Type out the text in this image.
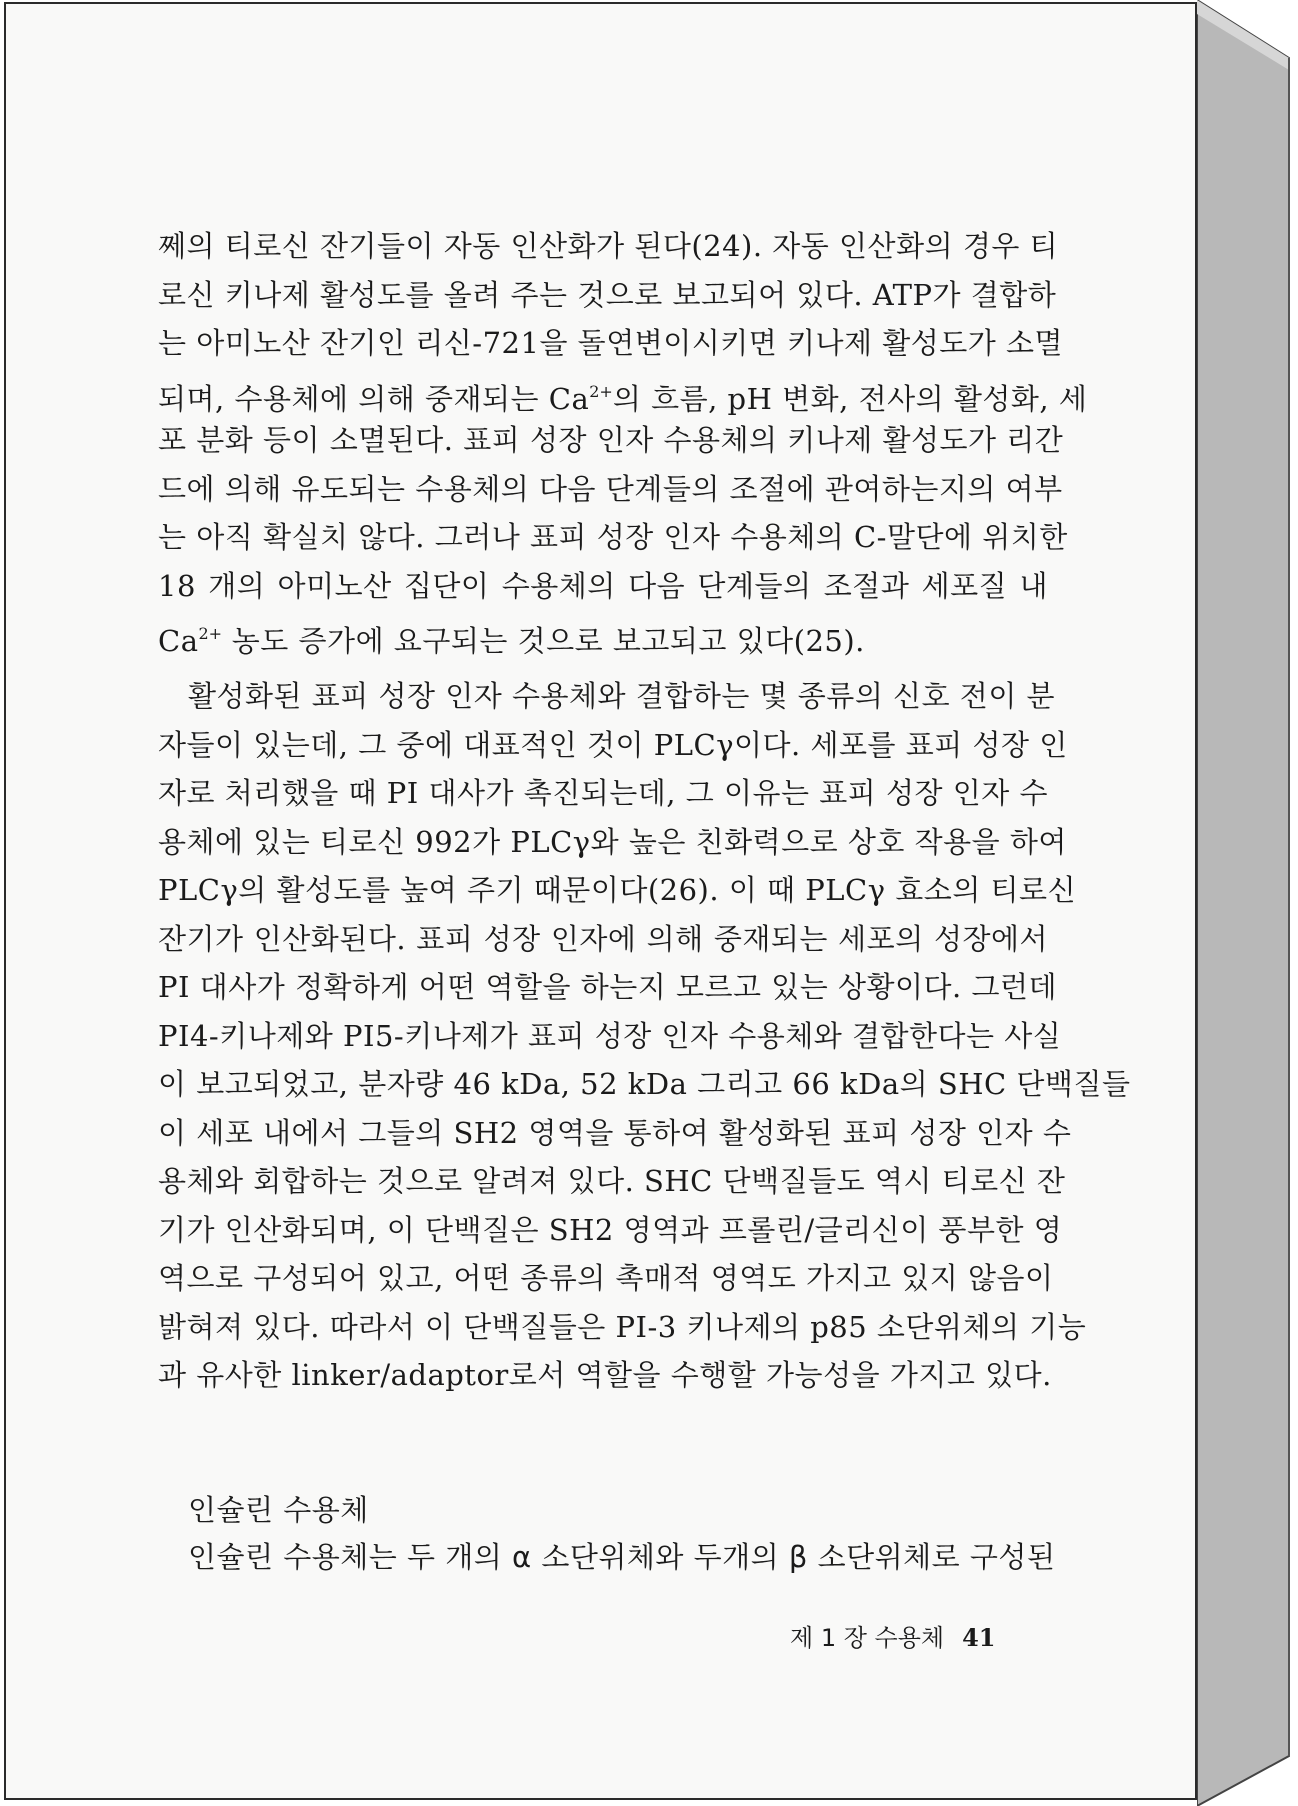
쩨의 티로신 잔기들이 자동 인산화가 된다(24). 자동 인산화의 경우 티
로신 키나제 활성도를 올려 주는 것으로 보고되어 있다. ATP가 결합하
는 아미노산 잔기인 리신-721을 돌연변이시키면 키나제 활성도가 소멸
되며, 수용체에 의해 중재되는 $Ca^{2+}$의 흐름, pH 변화, 전사의 활성화, 세
포 분화 등이 소멸된다. 표피 성장 인자 수용체의 키나제 활성도가 리간
드에 의해 유도되는 수용체의 다음 단계들의 조절에 관여하는지의 여부
는 아직 확실치 않다. 그러나 표피 성장 인자 수용체의 C-말단에 위치한
18 개의 아미노산 집단이 수용체의 다음 단계들의 조절과 세포질 내
$Ca^{2+}$ 농도 증가에 요구되는 것으로 보고되고 있다(25).
활성화된 표피 성장 인자 수용체와 결합하는 몇 종류의 신호 전이 분
자들이 있는데, 그 중에 대표적인 것이 PLCγ이다. 세포를 표피 성장 인
자로 처리했을 때 PI 대사가 촉진되는데, 그 이유는 표피 성장 인자 수
용체에 있는 티로신 992가 PLCγ와 높은 친화력으로 상호 작용을 하여
PLCγ의 활성도를 높여 주기 때문이다(26). 이 때 PLCγ 효소의 티로신
잔기가 인산화된다. 표피 성장 인자에 의해 중재되는 세포의 성장에서
PI 대사가 정확하게 어떤 역할을 하는지 모르고 있는 상황이다. 그런데
PI4-키나제와 PI5-키나제가 표피 성장 인자 수용체와 결합한다는 사실
이 보고되었고, 분자량 46 kDa, 52 kDa 그리고 66 kDa의 SHC 단백질들
이 세포 내에서 그들의 SH2 영역을 통하여 활성화된 표피 성장 인자 수
용체와 회합하는 것으로 알려져 있다. SHC 단백질들도 역시 티로신 잔
기가 인산화되며, 이 단백질은 SH2 영역과 프롤린/글리신이 풍부한 영
역으로 구성되어 있고, 어떤 종류의 촉매적 영역도 가지고 있지 않음이
밝혀져 있다. 따라서 이 단백질들은 PI-3 키나제의 p85 소단위체의 기능
과 유사한 linker/adaptor로서 역할을 수행할 가능성을 가지고 있다.
인슐린 수용체
인슐린 수용체는 두 개의 α 소단위체와 두개의 β 소단위체로 구성된
제 1 장 수용체 41
